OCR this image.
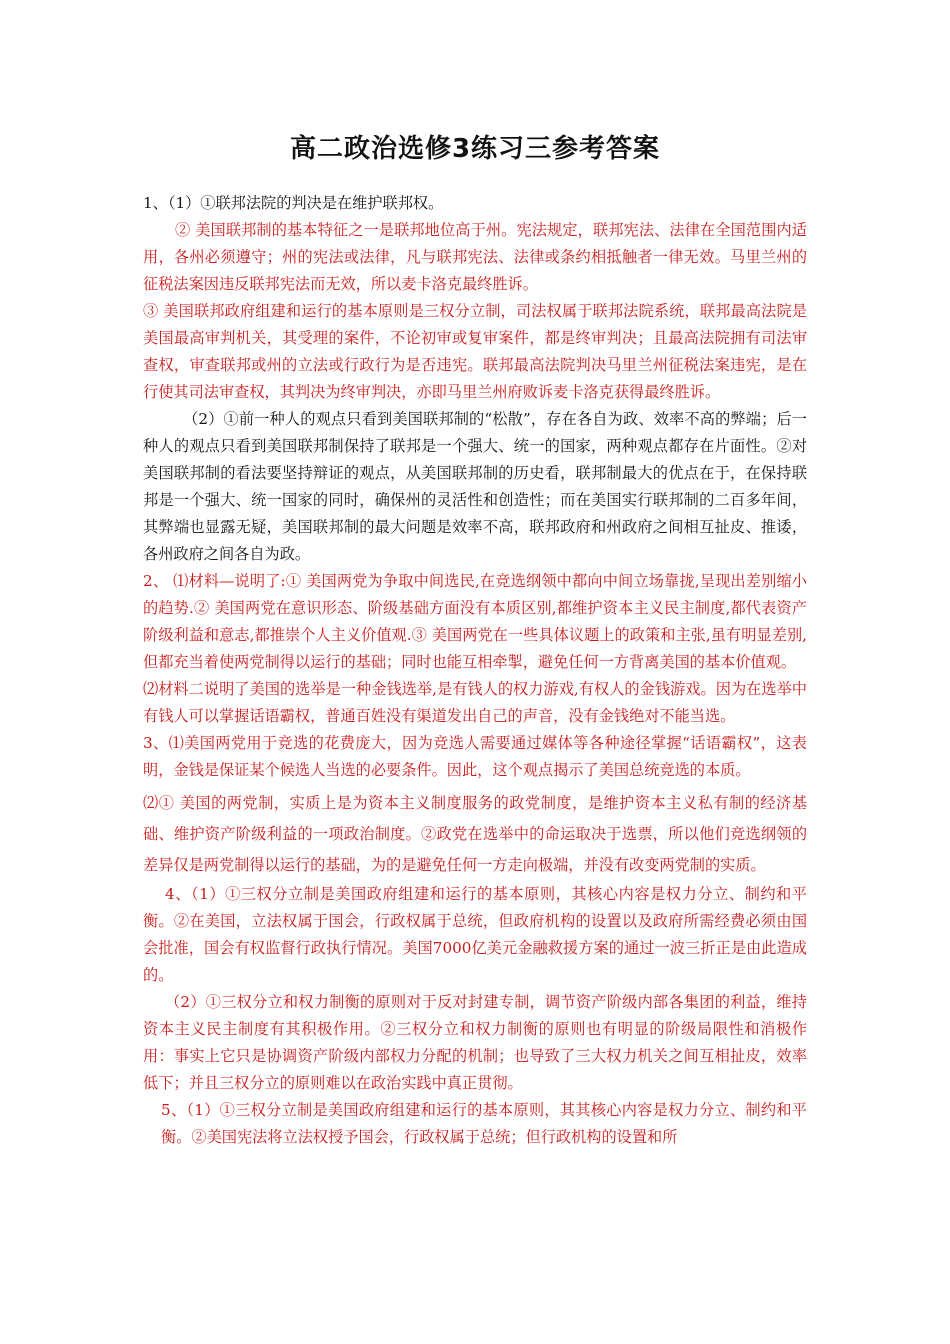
高二政治选修3练习三参考答案

1、（1）①联邦法院的判决是在维护联邦权。

② 美国联邦制的基本特征之一是联邦地位高于州。宪法规定，联邦宪法、法律在全国范围内适用，各州必须遵守；州的宪法或法律，凡与联邦宪法、法律或条约相抵触者一律无效。马里兰州的征税法案因违反联邦宪法而无效，所以麦卡洛克最终胜诉。

③ 美国联邦政府组建和运行的基本原则是三权分立制，司法权属于联邦法院系统，联邦最高法院是美国最高审判机关，其受理的案件，不论初审或复审案件，都是终审判决；且最高法院拥有司法审查权，审查联邦或州的立法或行政行为是否违宪。联邦最高法院判决马里兰州征税法案违宪，是在行使其司法审查权，其判决为终审判决，亦即马里兰州府败诉麦卡洛克获得最终胜诉。

（2）①前一种人的观点只看到美国联邦制的“松散”，存在各自为政、效率不高的弊端；后一种人的观点只看到美国联邦制保持了联邦是一个强大、统一的国家，两种观点都存在片面性。②对美国联邦制的看法要坚持辩证的观点，从美国联邦制的历史看，联邦制最大的优点在于，在保持联邦是一个强大、统一国家的同时，确保州的灵活性和创造性；而在美国实行联邦制的二百多年间，其弊端也显露无疑，美国联邦制的最大问题是效率不高，联邦政府和州政府之间相互扯皮、推诿，各州政府之间各自为政。

2、 ⑴材料—说明了:① 美国两党为争取中间选民,在竞选纲领中都向中间立场靠拢,呈现出差别缩小的趋势.② 美国两党在意识形态、阶级基础方面没有本质区别,都维护资本主义民主制度,都代表资产阶级利益和意志,都推崇个人主义价值观.③ 美国两党在一些具体议题上的政策和主张,虽有明显差别,但都充当着使两党制得以运行的基础；同时也能互相牵掣，避免任何一方背离美国的基本价值观。

⑵材料二说明了美国的选举是一种金钱选举,是有钱人的权力游戏,有权人的金钱游戏。因为在选举中有钱人可以掌握话语霸权，普通百姓没有渠道发出自己的声音，没有金钱绝对不能当选。

3、⑴美国两党用于竞选的花费庞大，因为竞选人需要通过媒体等各种途径掌握“话语霸权”，这表明，金钱是保证某个候选人当选的必要条件。因此，这个观点揭示了美国总统竞选的本质。

⑵① 美国的两党制，实质上是为资本主义制度服务的政党制度，是维护资本主义私有制的经济基础、维护资产阶级利益的一项政治制度。②政党在选举中的命运取决于选票，所以他们竞选纲领的差异仅是两党制得以运行的基础，为的是避免任何一方走向极端，并没有改变两党制的实质。

4、（1）①三权分立制是美国政府组建和运行的基本原则，其核心内容是权力分立、制约和平衡。②在美国，立法权属于国会，行政权属于总统，但政府机构的设置以及政府所需经费必须由国会批准，国会有权监督行政执行情况。美国7000亿美元金融救援方案的通过一波三折正是由此造成的。

（2）①三权分立和权力制衡的原则对于反对封建专制，调节资产阶级内部各集团的利益，维持资本主义民主制度有其积极作用。②三权分立和权力制衡的原则也有明显的阶级局限性和消极作用：事实上它只是协调资产阶级内部权力分配的机制；也导致了三大权力机关之间互相扯皮，效率低下；并且三权分立的原则难以在政治实践中真正贯彻。

5、（1）①三权分立制是美国政府组建和运行的基本原则，其其核心内容是权力分立、制约和平衡。②美国宪法将立法权授予国会，行政权属于总统；但行政机构的设置和所
